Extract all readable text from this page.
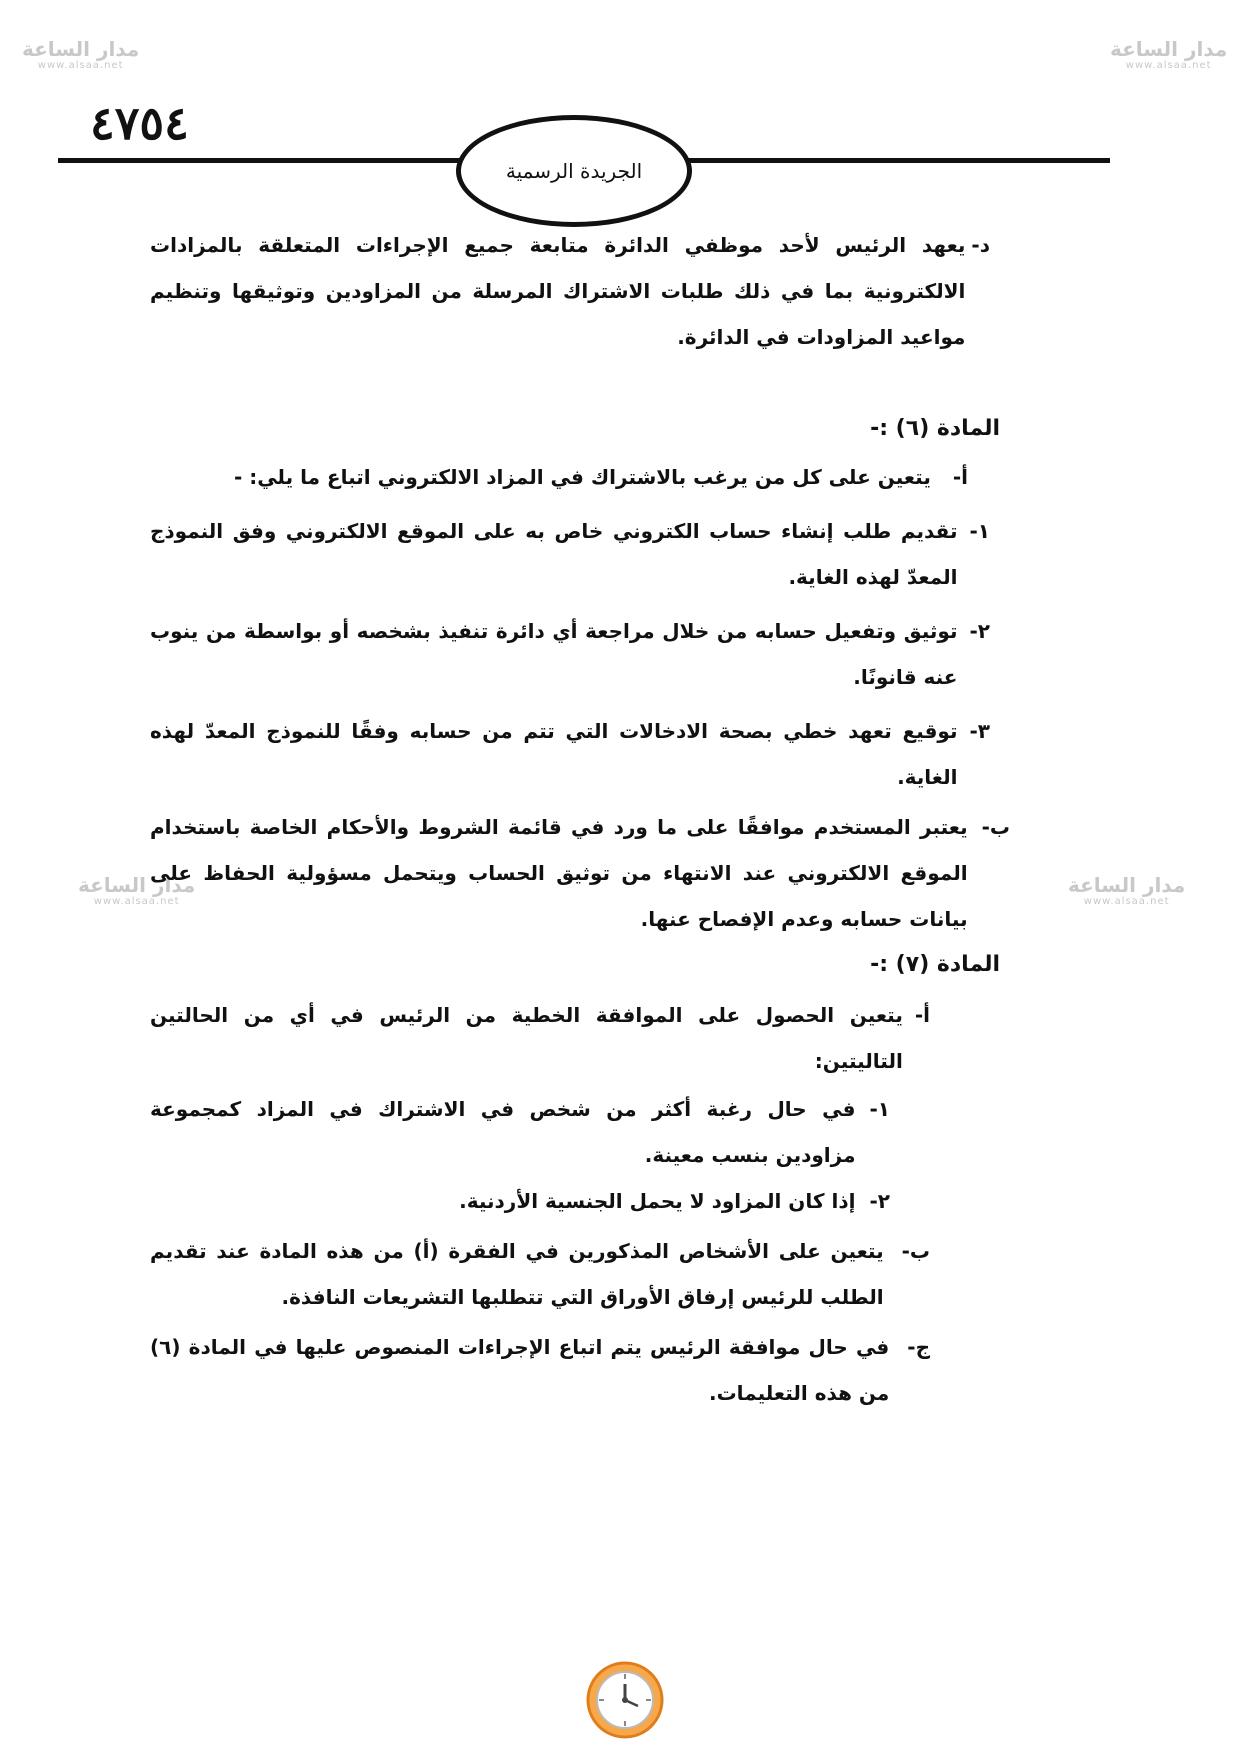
مدار الساعة
www.alsaa.net
مدار الساعة
www.alsaa.net
مدار الساعة
www.alsaa.net
مدار الساعة
www.alsaa.net
٤٧٥٤
الجريدة الرسمية
د-
يعهد الرئيس لأحد موظفي الدائرة متابعة جميع الإجراءات المتعلقة بالمزادات الالكترونية بما في ذلك طلبات الاشتراك المرسلة من المزاودين وتوثيقها وتنظيم مواعيد المزاودات في الدائرة.

المادة (٦) :-

أ-
يتعين على كل من يرغب بالاشتراك في المزاد الالكتروني اتباع ما يلي: -
١-
تقديم طلب إنشاء حساب الكتروني خاص به على الموقع الالكتروني وفق النموذج المعدّ لهذه الغاية.
٢-
توثيق وتفعيل حسابه من خلال مراجعة أي دائرة تنفيذ بشخصه أو بواسطة من ينوب عنه قانونًا.
٣-
توقيع تعهد خطي بصحة الادخالات التي تتم من حسابه وفقًا للنموذج المعدّ لهذه الغاية.
ب-
يعتبر المستخدم موافقًا على ما ورد في قائمة الشروط والأحكام الخاصة باستخدام الموقع الالكتروني عند الانتهاء من توثيق الحساب ويتحمل مسؤولية الحفاظ على بيانات حسابه وعدم الإفصاح عنها.

المادة (٧) :-

أ-
يتعين الحصول على الموافقة الخطية من الرئيس في أي من الحالتين التاليتين:
١-
في حال رغبة أكثر من شخص في الاشتراك في المزاد كمجموعة مزاودين بنسب معينة.
٢-
إذا كان المزاود لا يحمل الجنسية الأردنية.
ب-
يتعين على الأشخاص المذكورين في الفقرة (أ) من هذه المادة عند تقديم الطلب للرئيس إرفاق الأوراق التي تتطلبها التشريعات النافذة.
ج-
في حال موافقة الرئيس يتم اتباع الإجراءات المنصوص عليها في المادة (٦) من هذه التعليمات.
